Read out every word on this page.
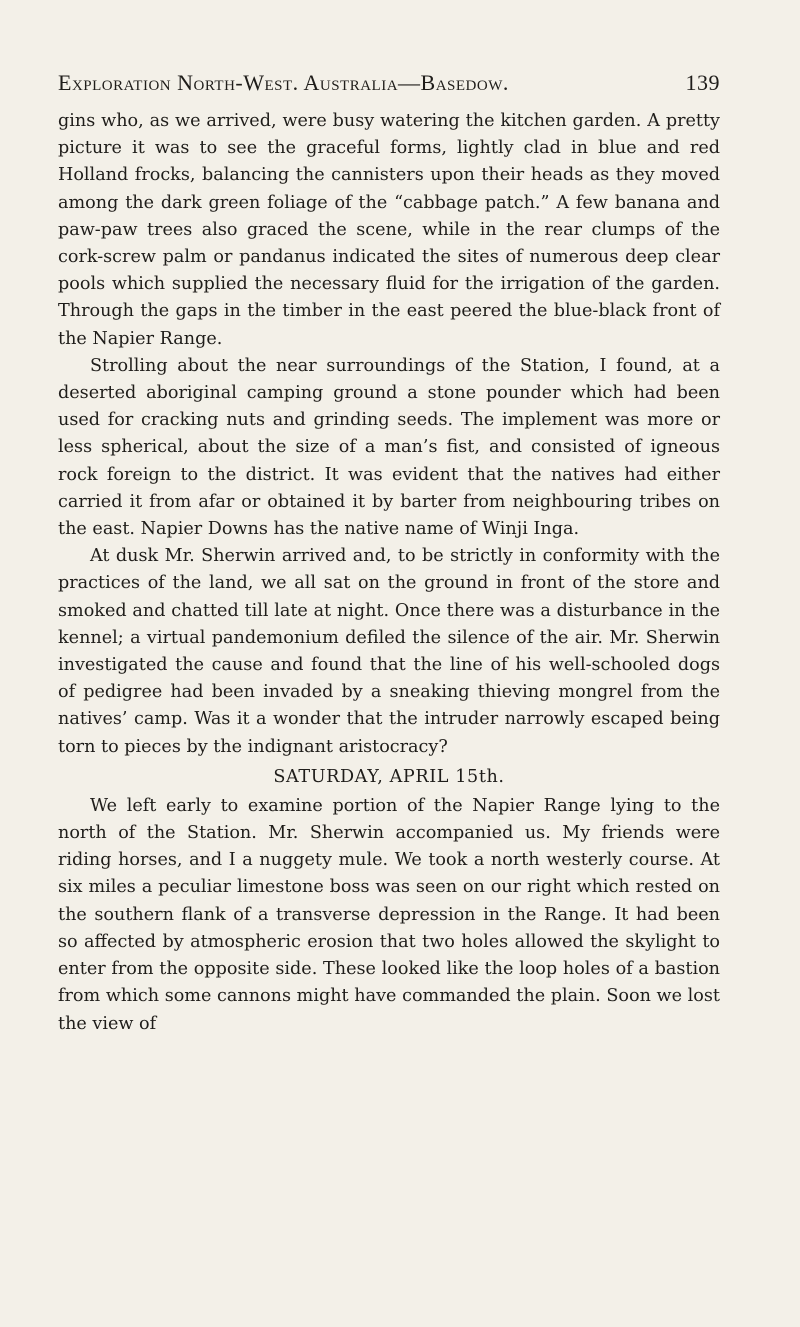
Exploration North-West. Australia—Basedow.	139

gins who, as we arrived, were busy watering the kitchen garden. A pretty picture it was to see the graceful forms, lightly clad in blue and red Holland frocks, balancing the cannisters upon their heads as they moved among the dark green foliage of the “cabbage patch.” A few banana and paw-paw trees also graced the scene, while in the rear clumps of the cork-screw palm or pandanus indicated the sites of numerous deep clear pools which supplied the necessary fluid for the irrigation of the garden. Through the gaps in the timber in the east peered the blue-black front of the Napier Range.

Strolling about the near surroundings of the Station, I found, at a deserted aboriginal camping ground a stone pounder which had been used for cracking nuts and grinding seeds. The implement was more or less spherical, about the size of a man’s fist, and consisted of igneous rock foreign to the district. It was evident that the natives had either carried it from afar or obtained it by barter from neighbouring tribes on the east. Napier Downs has the native name of Winji Inga.

At dusk Mr. Sherwin arrived and, to be strictly in conformity with the practices of the land, we all sat on the ground in front of the store and smoked and chatted till late at night. Once there was a disturbance in the kennel; a virtual pandemonium defiled the silence of the air. Mr. Sherwin investigated the cause and found that the line of his well-schooled dogs of pedigree had been invaded by a sneaking thieving mongrel from the natives’ camp. Was it a wonder that the intruder narrowly escaped being torn to pieces by the indignant aristocracy?

SATURDAY, APRIL 15th.

We left early to examine portion of the Napier Range lying to the north of the Station. Mr. Sherwin accompanied us. My friends were riding horses, and I a nuggety mule. We took a north westerly course. At six miles a peculiar limestone boss was seen on our right which rested on the southern flank of a transverse depression in the Range. It had been so affected by atmospheric erosion that two holes allowed the skylight to enter from the opposite side. These looked like the loop holes of a bastion from which some cannons might have commanded the plain. Soon we lost the view of
